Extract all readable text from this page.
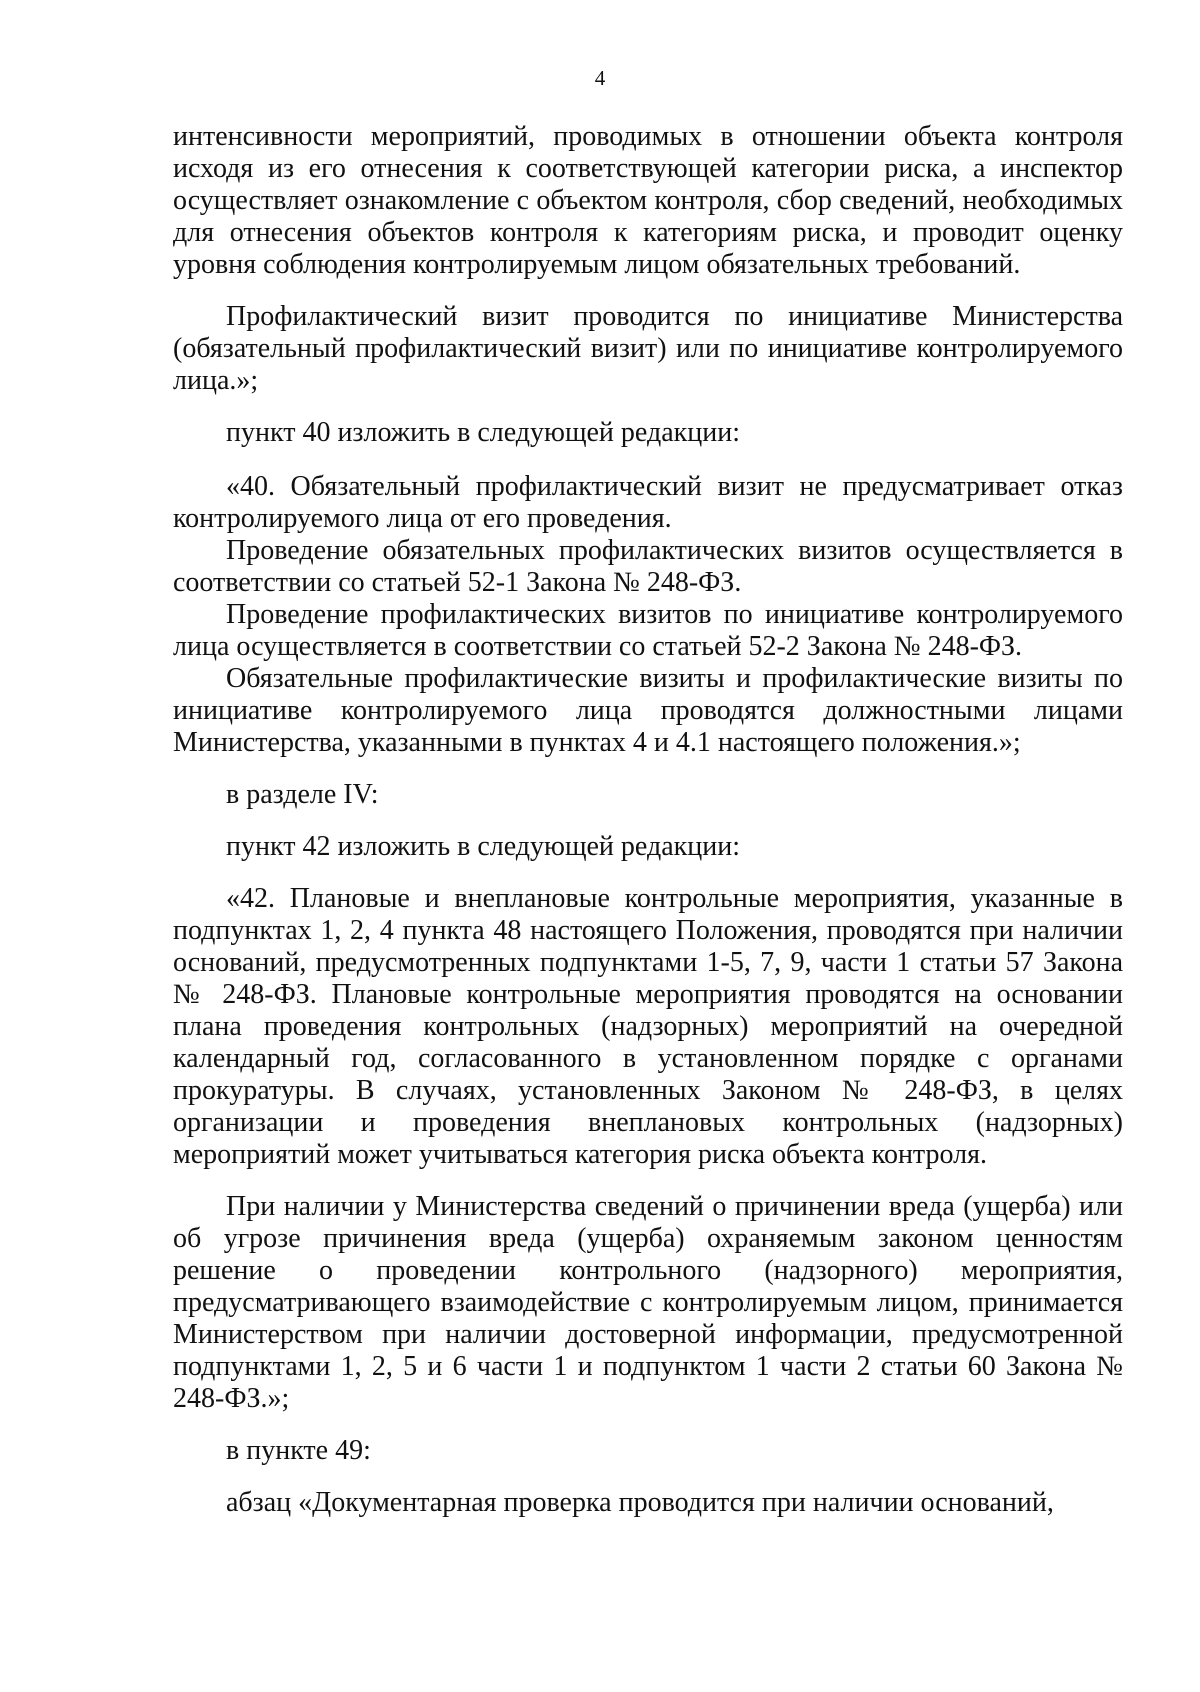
4

интенсивности мероприятий, проводимых в отношении объекта контроля исходя из его отнесения к соответствующей категории риска, а инспектор осуществляет ознакомление с объектом контроля, сбор сведений, необходимых для отнесения объектов контроля к категориям риска, и проводит оценку уровня соблюдения контролируемым лицом обязательных требований.

Профилактический визит проводится по инициативе Министерства (обязательный профилактический визит) или по инициативе контролируемого лица.»;

пункт 40 изложить в следующей редакции:

«40. Обязательный профилактический визит не предусматривает отказ контролируемого лица от его проведения.

Проведение обязательных профилактических визитов осуществляется в соответствии со статьей 52-1 Закона № 248-ФЗ.

Проведение профилактических визитов по инициативе контролируемого лица осуществляется в соответствии со статьей 52-2 Закона № 248-ФЗ.

Обязательные профилактические визиты и профилактические визиты по инициативе контролируемого лица проводятся должностными лицами Министерства, указанными в пунктах 4 и 4.1 настоящего положения.»;

в разделе IV:

пункт 42 изложить в следующей редакции:

«42. Плановые и внеплановые контрольные мероприятия, указанные в подпунктах 1, 2, 4 пункта 48 настоящего Положения, проводятся при наличии оснований, предусмотренных подпунктами 1-5, 7, 9, части 1 статьи 57 Закона № 248-ФЗ. Плановые контрольные мероприятия проводятся на основании плана проведения контрольных (надзорных) мероприятий на очередной календарный год, согласованного в установленном порядке с органами прокуратуры. В случаях, установленных Законом № 248-ФЗ, в целях организации и проведения внеплановых контрольных (надзорных) мероприятий может учитываться категория риска объекта контроля.

При наличии у Министерства сведений о причинении вреда (ущерба) или об угрозе причинения вреда (ущерба) охраняемым законом ценностям решение о проведении контрольного (надзорного) мероприятия, предусматривающего взаимодействие с контролируемым лицом, принимается Министерством при наличии достоверной информации, предусмотренной подпунктами 1, 2, 5 и 6 части 1 и подпунктом 1 части 2 статьи 60 Закона № 248-ФЗ.»;

в пункте 49:

абзац «Документарная проверка проводится при наличии оснований,
